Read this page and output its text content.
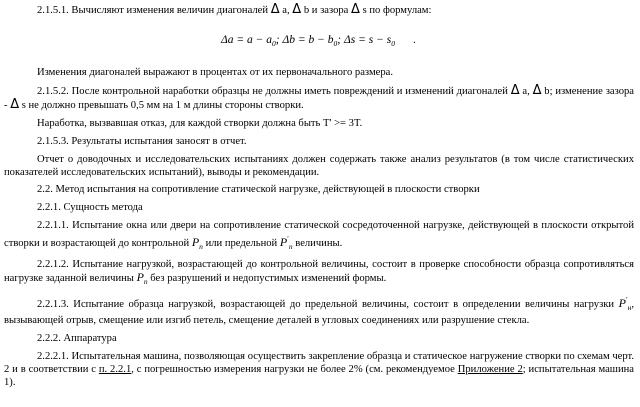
2.1.5.1. Вычисляют изменения величин диагоналей Δ a, Δ b и зазора Δ s по формулам:

$\Delta a = a - a_0$; $\Delta b = b - b_0$; $\Delta s = s - s_0$ .

Изменения диагоналей выражают в процентах от их первоначального размера.

2.1.5.2. После контрольной наработки образцы не должны иметь повреждений и изменений диагоналей Δ a, Δ b; изменение зазора - Δ s не должно превышать 0,5 мм на 1 м длины стороны створки.

Наработка, вызвавшая отказ, для каждой створки должна быть T' >= 3T.

2.1.5.3. Результаты испытания заносят в отчет.

Отчет о доводочных и исследовательских испытаниях должен содержать также анализ результатов (в том числе статистических показателей исследовательских испытаний), выводы и рекомендации.

2.2. Метод испытания на сопротивление статической нагрузке, действующей в плоскости створки

2.2.1. Сущность метода

2.2.1.1. Испытание окна или двери на сопротивление статической сосредоточенной нагрузке, действующей в плоскости открытой створки и возрастающей до контрольной $P_п$ или предельной $P'_п$ величины.

2.2.1.2. Испытание нагрузкой, возрастающей до контрольной величины, состоит в проверке способности образца сопротивляться нагрузке заданной величины $P_п$ без разрушений и недопустимых изменений формы.

2.2.1.3. Испытание образца нагрузкой, возрастающей до предельной величины, состоит в определении величины нагрузки $P'_н$, вызывающей отрыв, смещение или изгиб петель, смещение деталей в угловых соединениях или разрушение стекла.

2.2.2. Аппаратура

2.2.2.1. Испытательная машина, позволяющая осуществить закрепление образца и статическое нагружение створки по схемам черт. 2 и в соответствии с п. 2.2.1, с погрешностью измерения нагрузки не более 2% (см. рекомендуемое Приложение 2; испытательная машина 1).
